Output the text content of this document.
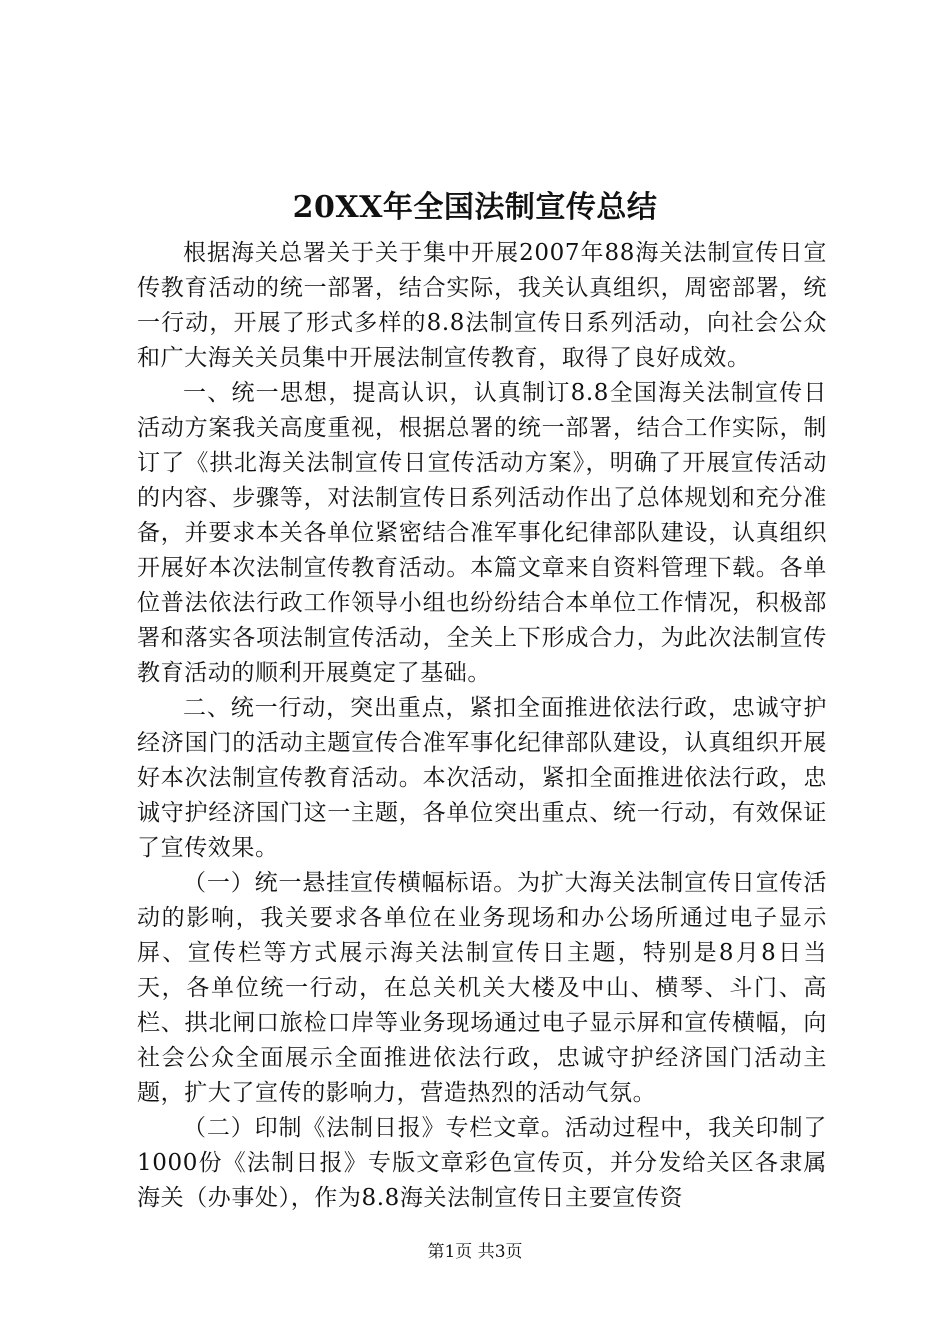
20XX年全国法制宣传总结

根据海关总署关于关于集中开展2007年88海关法制宣传日宣传教育活动的统一部署，结合实际，我关认真组织，周密部署，统一行动，开展了形式多样的8.8法制宣传日系列活动，向社会公众和广大海关关员集中开展法制宣传教育，取得了良好成效。

一、统一思想，提高认识，认真制订8.8全国海关法制宣传日活动方案我关高度重视，根据总署的统一部署，结合工作实际，制订了《拱北海关法制宣传日宣传活动方案》，明确了开展宣传活动的内容、步骤等，对法制宣传日系列活动作出了总体规划和充分准备，并要求本关各单位紧密结合准军事化纪律部队建设，认真组织开展好本次法制宣传教育活动。本篇文章来自资料管理下载。各单位普法依法行政工作领导小组也纷纷结合本单位工作情况，积极部署和落实各项法制宣传活动，全关上下形成合力，为此次法制宣传教育活动的顺利开展奠定了基础。

二、统一行动，突出重点，紧扣全面推进依法行政，忠诚守护经济国门的活动主题宣传合准军事化纪律部队建设，认真组织开展好本次法制宣传教育活动。本次活动，紧扣全面推进依法行政，忠诚守护经济国门这一主题，各单位突出重点、统一行动，有效保证了宣传效果。

（一）统一悬挂宣传横幅标语。为扩大海关法制宣传日宣传活动的影响，我关要求各单位在业务现场和办公场所通过电子显示屏、宣传栏等方式展示海关法制宣传日主题，特别是8月8日当天，各单位统一行动，在总关机关大楼及中山、横琴、斗门、高栏、拱北闸口旅检口岸等业务现场通过电子显示屏和宣传横幅，向社会公众全面展示全面推进依法行政，忠诚守护经济国门活动主题，扩大了宣传的影响力，营造热烈的活动气氛。

（二）印制《法制日报》专栏文章。活动过程中，我关印制了1000份《法制日报》专版文章彩色宣传页，并分发给关区各隶属海关（办事处），作为8.8海关法制宣传日主要宣传资

第1页 共3页
